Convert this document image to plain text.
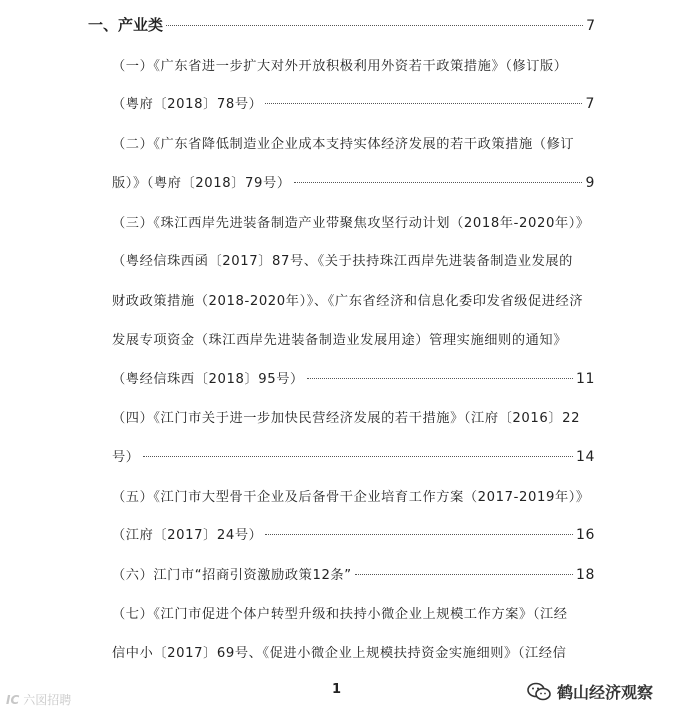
一、产业类	7
（一）《广东省进一步扩大对外开放积极利用外资若干政策措施》（修订版）
（粤府〔2018〕78号）	7
（二）《广东省降低制造业企业成本支持实体经济发展的若干政策措施（修订
版）》（粤府〔2018〕79号）	9
（三）《珠江西岸先进装备制造产业带聚焦攻坚行动计划（2018年-2020年）》
（粤经信珠西函〔2017〕87号、《关于扶持珠江西岸先进装备制造业发展的
财政政策措施（2018-2020年）》、《广东省经济和信息化委印发省级促进经济
发展专项资金（珠江西岸先进装备制造业发展用途）管理实施细则的通知》
（粤经信珠西〔2018〕95号）	11
（四）《江门市关于进一步加快民营经济发展的若干措施》（江府〔2016〕22
号）	14
（五）《江门市大型骨干企业及后备骨干企业培育工作方案（2017-2019年）》
（江府〔2017〕24号）	16
（六）江门市“招商引资激励政策12条”	18
（七）《江门市促进个体户转型升级和扶持小微企业上规模工作方案》（江经
信中小〔2017〕69号、《促进小微企业上规模扶持资金实施细则》（江经信
1
IC 六図招聘	鹤山经济观察
